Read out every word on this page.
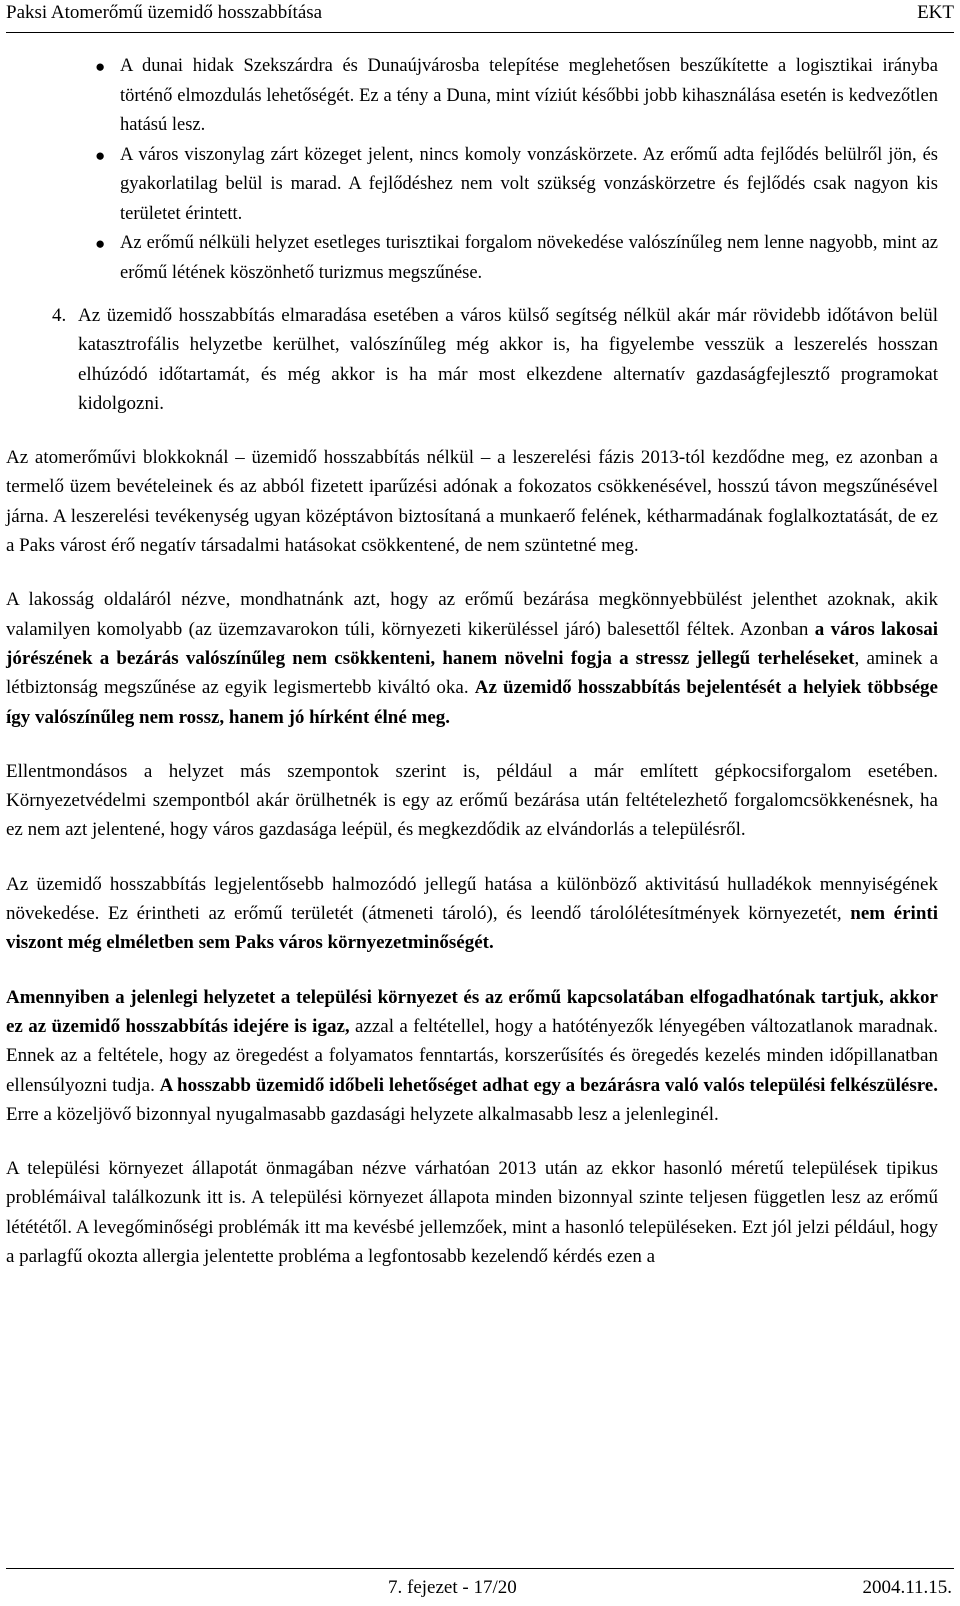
Paksi Atomerőmű üzemidő hosszabbítása	EKT
● A dunai hidak Szekszárdra és Dunaújvárosba telepítése meglehetősen beszűkítette a logisztikai irányba történő elmozdulás lehetőségét. Ez a tény a Duna, mint víziút későbbi jobb kihasználása esetén is kedvezőtlen hatású lesz.
● A város viszonylag zárt közeget jelent, nincs komoly vonzáskörzete. Az erőmű adta fejlődés belülről jön, és gyakorlatilag belül is marad. A fejlődéshez nem volt szükség vonzáskörzetre és fejlődés csak nagyon kis területet érintett.
● Az erőmű nélküli helyzet esetleges turisztikai forgalom növekedése valószínűleg nem lenne nagyobb, mint az erőmű létének köszönhető turizmus megszűnése.

4. Az üzemidő hosszabbítás elmaradása esetében a város külső segítség nélkül akár már rövidebb időtávon belül katasztrofális helyzetbe kerülhet, valószínűleg még akkor is, ha figyelembe vesszük a leszerelés hosszan elhúzódó időtartamát, és még akkor is ha már most elkezdene alternatív gazdaságfejlesztő programokat kidolgozni.

Az atomerőművi blokkoknál – üzemidő hosszabbítás nélkül – a leszerelési fázis 2013-tól kezdődne meg, ez azonban a termelő üzem bevételeinek és az abból fizetett iparűzési adónak a fokozatos csökkenésével, hosszú távon megszűnésével járna. A leszerelési tevékenység ugyan középtávon biztosítaná a munkaerő felének, kétharmadának foglalkoztatását, de ez a Paks várost érő negatív társadalmi hatásokat csökkentené, de nem szüntetné meg.

A lakosság oldaláról nézve, mondhatnánk azt, hogy az erőmű bezárása megkönnyebbülést jelenthet azoknak, akik valamilyen komolyabb (az üzemzavarokon túli, környezeti kikerüléssel járó) balesettől féltek. Azonban a város lakosai jórészének a bezárás valószínűleg nem csökkenteni, hanem növelni fogja a stressz jellegű terheléseket, aminek a létbiztonság megszűnése az egyik legismertebb kiváltó oka. Az üzemidő hosszabbítás bejelentését a helyiek többsége így valószínűleg nem rossz, hanem jó hírként élné meg.

Ellentmondásos a helyzet más szempontok szerint is, például a már említett gépkocsiforgalom esetében. Környezetvédelmi szempontból akár örülhetnék is egy az erőmű bezárása után feltételezhető forgalomcsökkenésnek, ha ez nem azt jelentené, hogy város gazdasága leépül, és megkezdődik az elvándorlás a településről.

Az üzemidő hosszabbítás legjelentősebb halmozódó jellegű hatása a különböző aktivitású hulladékok mennyiségének növekedése. Ez érintheti az erőmű területét (átmeneti tároló), és leendő tárolólétesítmények környezetét, nem érinti viszont még elméletben sem Paks város környezetminőségét.

Amennyiben a jelenlegi helyzetet a települési környezet és az erőmű kapcsolatában elfogadhatónak tartjuk, akkor ez az üzemidő hosszabbítás idejére is igaz, azzal a feltétellel, hogy a hatótényezők lényegében változatlanok maradnak. Ennek az a feltétele, hogy az öregedést a folyamatos fenntartás, korszerűsítés és öregedés kezelés minden időpillanatban ellensúlyozni tudja. A hosszabb üzemidő időbeli lehetőséget adhat egy a bezárásra való valós települési felkészülésre. Erre a közeljövő bizonnyal nyugalmasabb gazdasági helyzete alkalmasabb lesz a jelenleginél.

A települési környezet állapotát önmagában nézve várhatóan 2013 után az ekkor hasonló méretű települések tipikus problémáival találkozunk itt is. A települési környezet állapota minden bizonnyal szinte teljesen független lesz az erőmű létététől. A levegőminőségi problémák itt ma kevésbé jellemzőek, mint a hasonló településeken. Ezt jól jelzi például, hogy a parlagfű okozta allergia jelentette probléma a legfontosabb kezelendő kérdés ezen a

7. fejezet - 17/20	2004.11.15.
